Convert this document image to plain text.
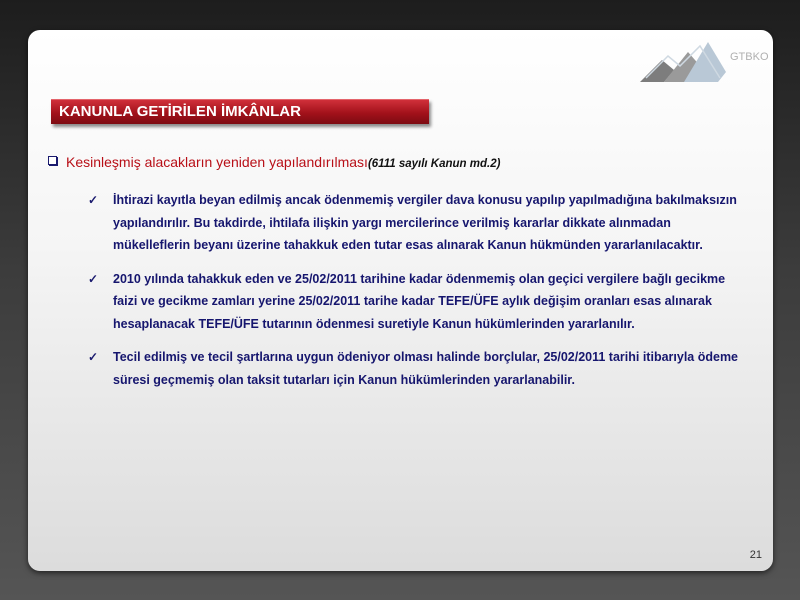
GTBKO
KANUNLA GETİRİLEN İMKÂNLAR
Kesinleşmiş alacakların yeniden yapılandırılması(6111 sayılı Kanun md.2)
✓ İhtirazi kayıtla beyan edilmiş ancak ödenmemiş vergiler dava konusu yapılıp yapılmadığına bakılmaksızın yapılandırılır. Bu takdirde, ihtilafa ilişkin yargı mercilerince verilmiş kararlar dikkate alınmadan mükelleflerin beyanı üzerine tahakkuk eden tutar esas alınarak Kanun hükmünden yararlanılacaktır.
✓ 2010 yılında tahakkuk eden ve 25/02/2011 tarihine kadar ödenmemiş olan geçici vergilere bağlı gecikme faizi ve gecikme zamları yerine 25/02/2011 tarihe kadar TEFE/ÜFE aylık değişim oranları esas alınarak hesaplanacak TEFE/ÜFE tutarının ödenmesi suretiyle Kanun hükümlerinden yararlanılır.
✓ Tecil edilmiş ve tecil şartlarına uygun ödeniyor olması halinde borçlular, 25/02/2011 tarihi itibarıyla ödeme süresi geçmemiş olan taksit tutarları için Kanun hükümlerinden yararlanabilir.
21
